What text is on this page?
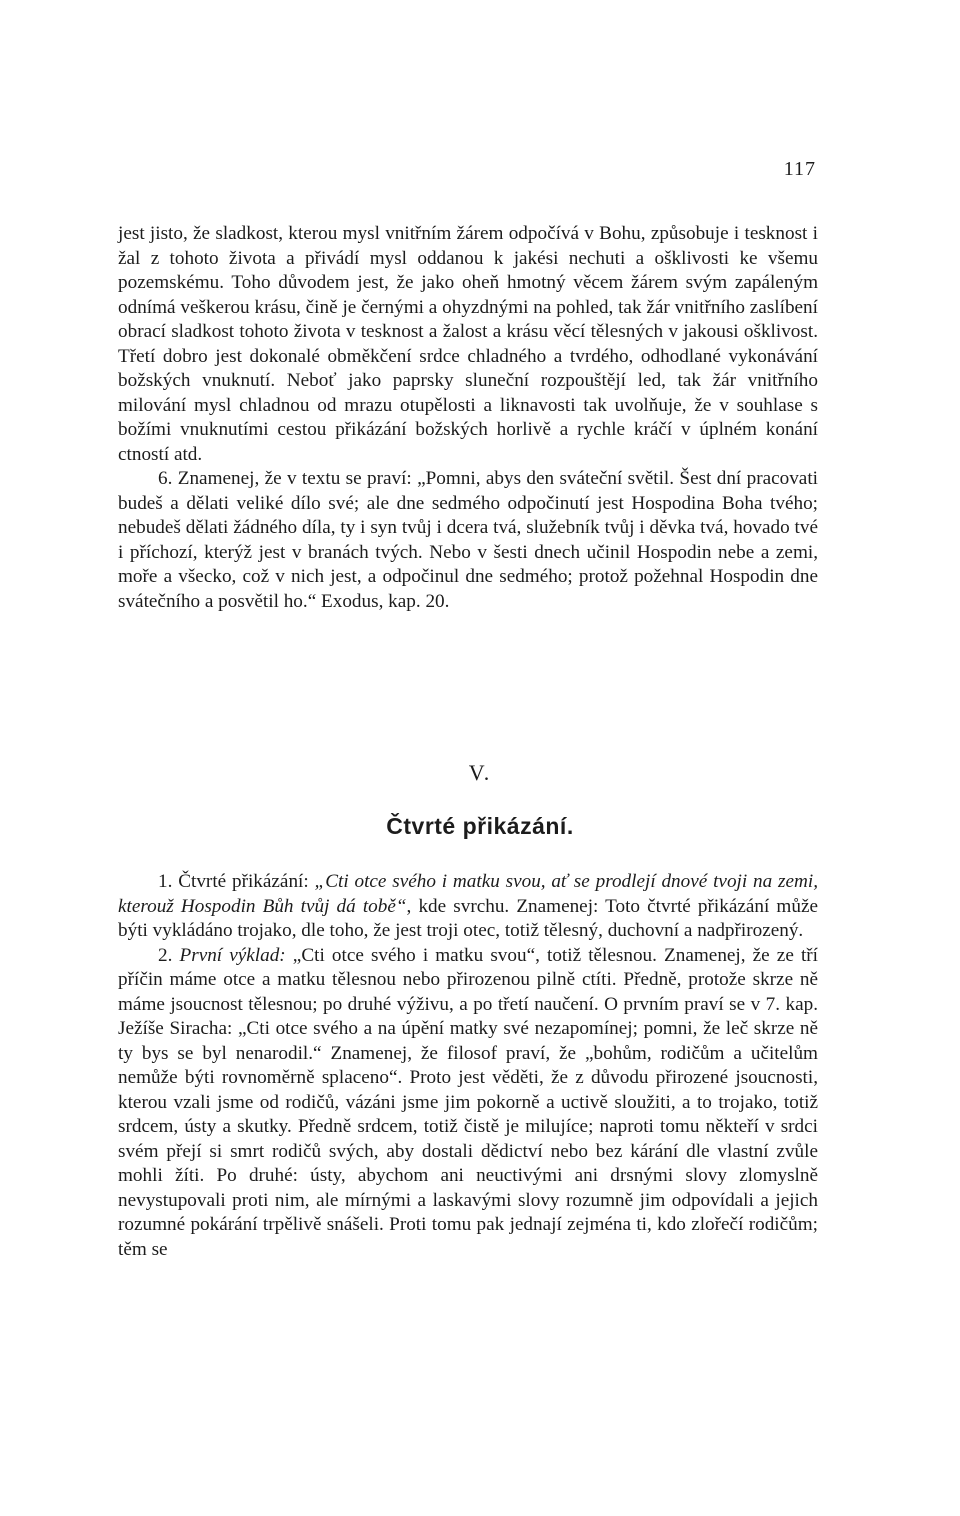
117

jest jisto, že sladkost, kterou mysl vnitřním žárem odpočívá v Bohu, způsobuje i tesknost i žal z tohoto života a přivádí mysl oddanou k jakési nechuti a ošklivosti ke všemu pozemskému. Toho důvodem jest, že jako oheň hmotný věcem žárem svým zapáleným odnímá veškerou krásu, čině je černými a ohyzdnými na pohled, tak žár vnitřního zaslíbení obrací sladkost tohoto života v tesknost a žalost a krásu věcí tělesných v jakousi ošklivost. Třetí dobro jest dokonalé obměkčení srdce chladného a tvrdého, odhodlané vykonávání božských vnuknutí. Neboť jako paprsky sluneční rozpouštějí led, tak žár vnitřního milování mysl chladnou od mrazu otupělosti a liknavosti tak uvolňuje, že v souhlase s božími vnuknutími cestou přikázání božských horlivě a rychle kráčí v úplném konání ctností atd.

6. Znamenej, že v textu se praví: „Pomni, abys den sváteční světil. Šest dní pracovati budeš a dělati veliké dílo své; ale dne sedmého odpočinutí jest Hospodina Boha tvého; nebudeš dělati žádného díla, ty i syn tvůj i dcera tvá, služebník tvůj i děvka tvá, hovado tvé i příchozí, kterýž jest v branách tvých. Nebo v šesti dnech učinil Hospodin nebe a zemi, moře a všecko, což v nich jest, a odpočinul dne sedmého; protož požehnal Hospodin dne svátečního a posvětil ho.“ Exodus, kap. 20.

V.
Čtvrté přikázání.

1. Čtvrté přikázání: „Cti otce svého i matku svou, ať se prodlejí dnové tvoji na zemi, kterouž Hospodin Bůh tvůj dá tobě“, kde svrchu. Znamenej: Toto čtvrté přikázání může býti vykládáno trojako, dle toho, že jest troji otec, totiž tělesný, duchovní a nadpřirozený.

2. První výklad: „Cti otce svého i matku svou“, totiž tělesnou. Znamenej, že ze tří příčin máme otce a matku tělesnou nebo přirozenou pilně ctíti. Předně, protože skrze ně máme jsoucnost tělesnou; po druhé výživu, a po třetí naučení. O prvním praví se v 7. kap. Ježíše Siracha: „Cti otce svého a na úpění matky své nezapomínej; pomni, že leč skrze ně ty bys se byl nenarodil.“ Znamenej, že filosof praví, že „bohům, rodičům a učitelům nemůže býti rovnoměrně splaceno“. Proto jest věděti, že z důvodu přirozené jsoucnosti, kterou vzali jsme od rodičů, vázáni jsme jim pokorně a uctivě sloužiti, a to trojako, totiž srdcem, ústy a skutky. Předně srdcem, totiž čistě je milujíce; naproti tomu někteří v srdci svém přejí si smrt rodičů svých, aby dostali dědictví nebo bez kárání dle vlastní zvůle mohli žíti. Po druhé: ústy, abychom ani neuctivými ani drsnými slovy zlomyslně nevystupovali proti nim, ale mírnými a laskavými slovy rozumně jim odpovídali a jejich rozumné pokárání trpělivě snášeli. Proti tomu pak jednají zejména ti, kdo zlořečí rodičům; těm se
